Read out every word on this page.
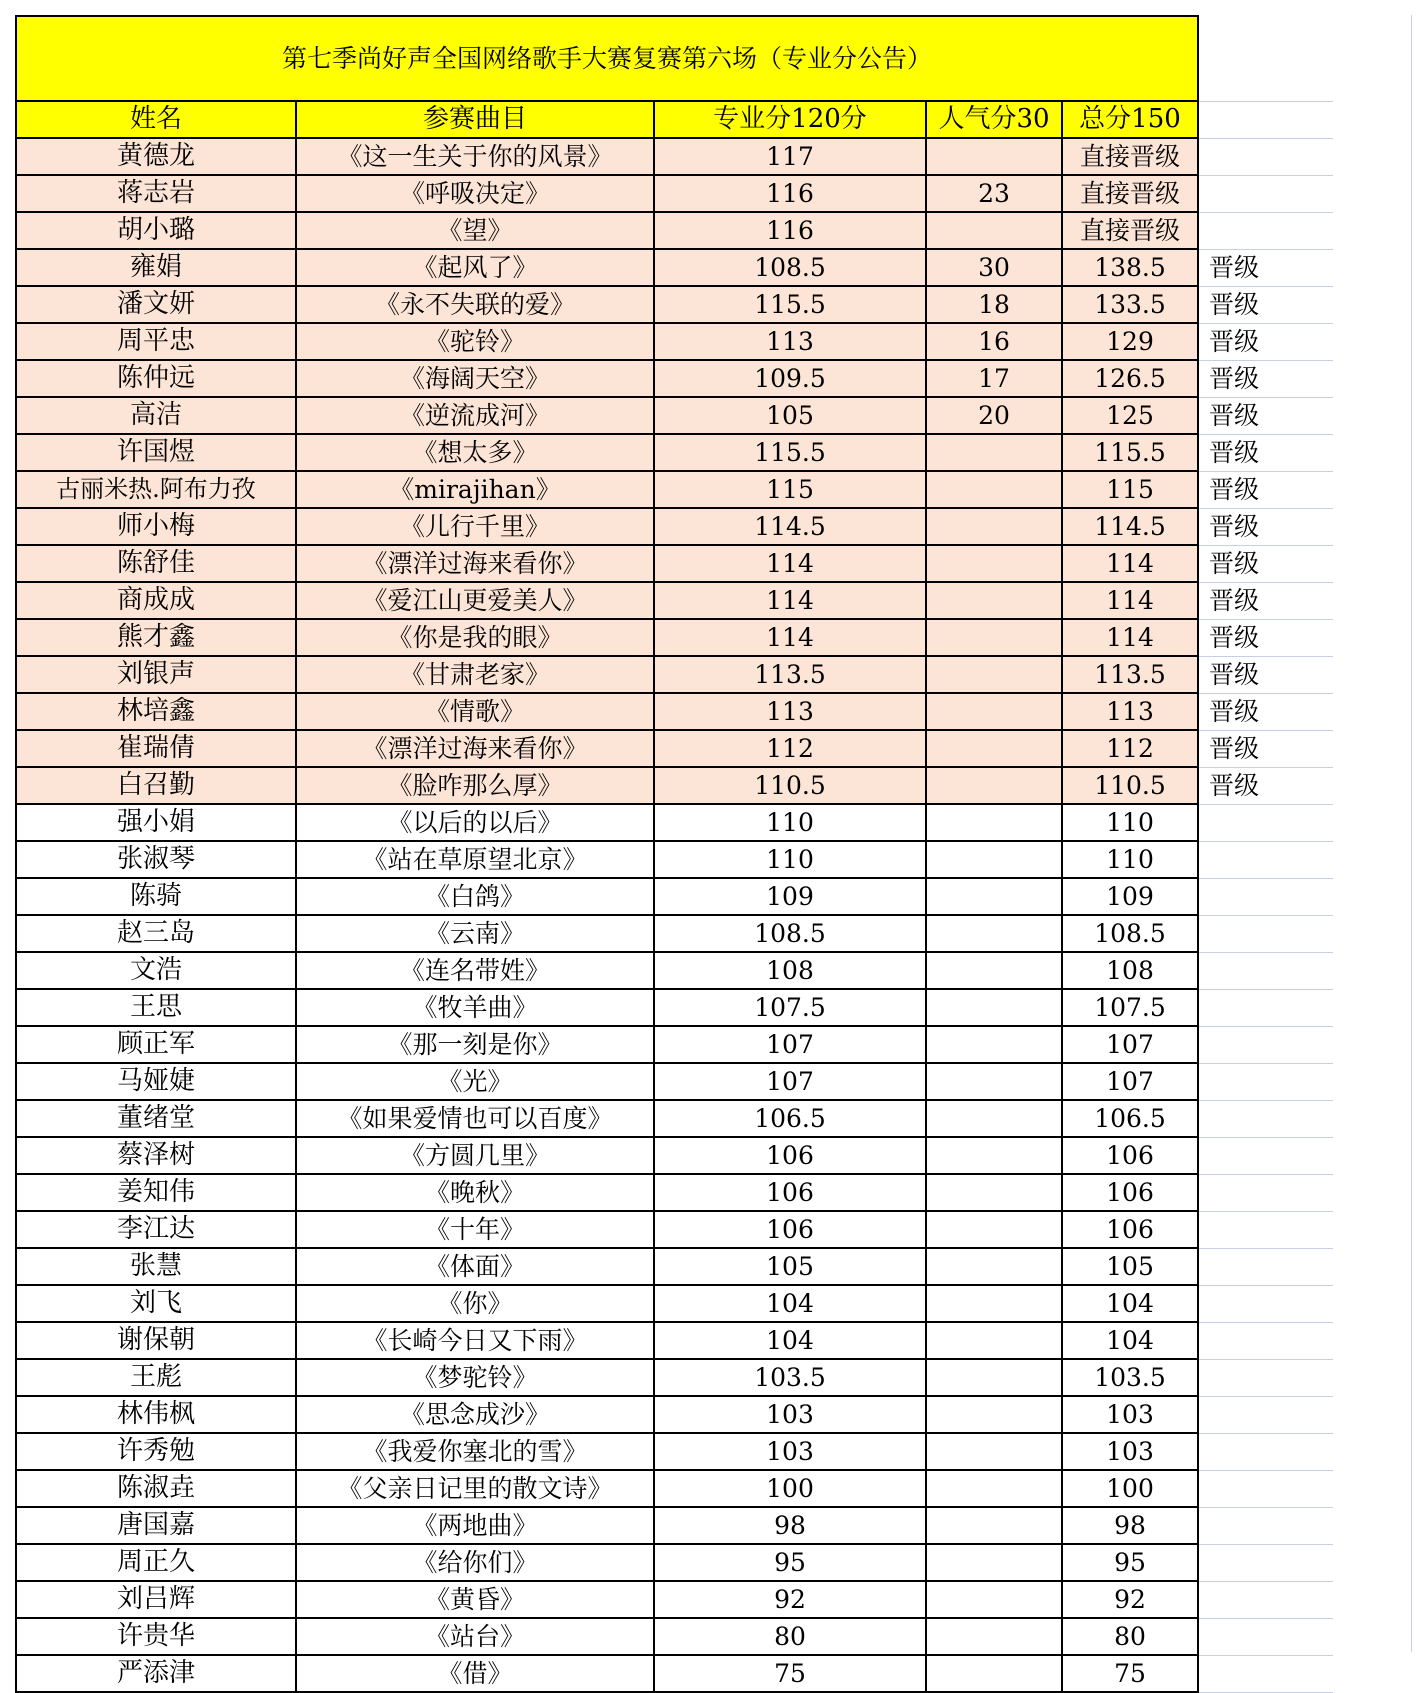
第七季尚好声全国网络歌手大赛复赛第六场（专业分公告）					
姓名	参赛曲目	专业分120分	人气分30	总分150	
黄德龙	《这一生关于你的风景》	117		直接晋级	
蒋志岩	《呼吸决定》	116	23	直接晋级	
胡小璐	《望》	116		直接晋级	
雍娟	《起风了》	108.5	30	138.5	晋级
潘文妍	《永不失联的爱》	115.5	18	133.5	晋级
周平忠	《驼铃》	113	16	129	晋级
陈仲远	《海阔天空》	109.5	17	126.5	晋级
高洁	《逆流成河》	105	20	125	晋级
许国煜	《想太多》	115.5		115.5	晋级
古丽米热.阿布力孜	《mirajihan》	115		115	晋级
师小梅	《儿行千里》	114.5		114.5	晋级
陈舒佳	《漂洋过海来看你》	114		114	晋级
商成成	《爱江山更爱美人》	114		114	晋级
熊才鑫	《你是我的眼》	114		114	晋级
刘银声	《甘肃老家》	113.5		113.5	晋级
林培鑫	《情歌》	113		113	晋级
崔瑞倩	《漂洋过海来看你》	112		112	晋级
白召勤	《脸咋那么厚》	110.5		110.5	晋级
强小娟	《以后的以后》	110		110	
张淑琴	《站在草原望北京》	110		110	
陈骑	《白鸽》	109		109	
赵三岛	《云南》	108.5		108.5	
文浩	《连名带姓》	108		108	
王思	《牧羊曲》	107.5		107.5	
顾正军	《那一刻是你》	107		107	
马娅婕	《光》	107		107	
董绪堂	《如果爱情也可以百度》	106.5		106.5	
蔡泽树	《方圆几里》	106		106	
姜知伟	《晚秋》	106		106	
李江达	《十年》	106		106	
张慧	《体面》	105		105	
刘飞	《你》	104		104	
谢保朝	《长崎今日又下雨》	104		104	
王彪	《梦驼铃》	103.5		103.5	
林伟枫	《思念成沙》	103		103	
许秀勉	《我爱你塞北的雪》	103		103	
陈淑垚	《父亲日记里的散文诗》	100		100	
唐国嘉	《两地曲》	98		98	
周正久	《给你们》	95		95	
刘吕辉	《黄昏》	92		92	
许贵华	《站台》	80		80	
严添津	《借》	75		75	
